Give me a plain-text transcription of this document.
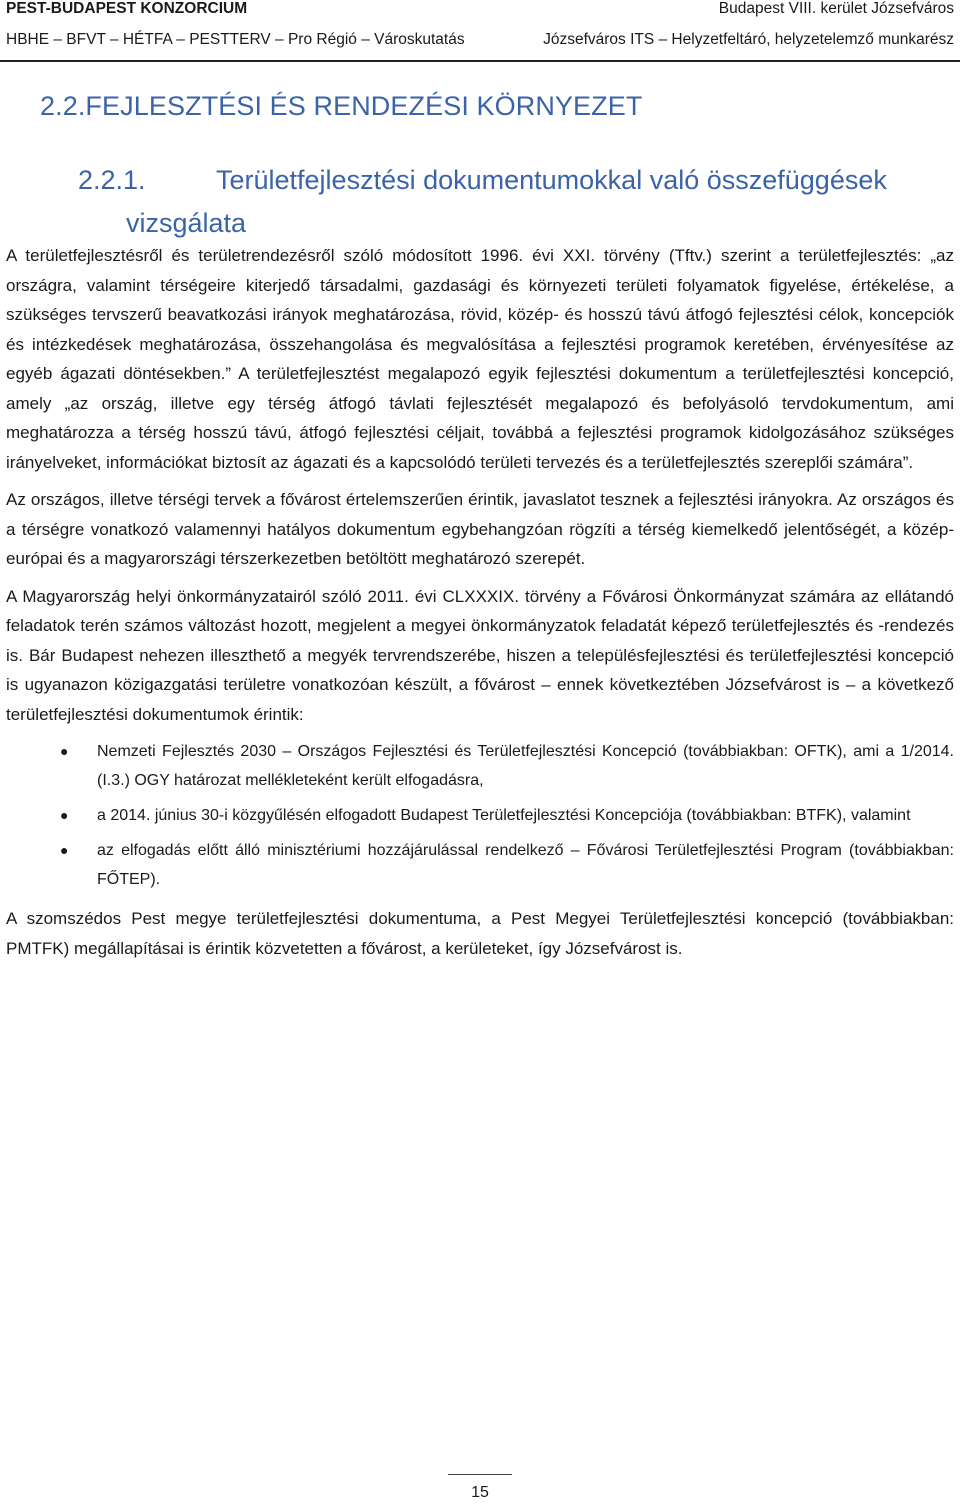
PEST-BUDAPEST KONZORCIUM	Budapest VIII. kerület Józsefváros
HBHE – BFVT – HÉTFA – PESTTERV – Pro Régió – Városkutatás	Józsefváros ITS – Helyzetfeltáró, helyzetelemző munkarész
2.2.FEJLESZTÉSI ÉS RENDEZÉSI KÖRNYEZET
2.2.1.	Területfejlesztési dokumentumokkal való összefüggések
vizsgálata

A területfejlesztésről és területrendezésről szóló módosított 1996. évi XXI. törvény (Tftv.) szerint a területfejlesztés: „az országra, valamint térségeire kiterjedő társadalmi, gazdasági és környezeti területi folyamatok figyelése, értékelése, a szükséges tervszerű beavatkozási irányok meghatározása, rövid, közép- és hosszú távú átfogó fejlesztési célok, koncepciók és intézkedések meghatározása, összehangolása és megvalósítása a fejlesztési programok keretében, érvényesítése az egyéb ágazati döntésekben.” A területfejlesztést megalapozó egyik fejlesztési dokumentum a területfejlesztési koncepció, amely „az ország, illetve egy térség átfogó távlati fejlesztését megalapozó és befolyásoló tervdokumentum, ami meghatározza a térség hosszú távú, átfogó fejlesztési céljait, továbbá a fejlesztési programok kidolgozásához szükséges irányelveket, információkat biztosít az ágazati és a kapcsolódó területi tervezés és a területfejlesztés szereplői számára”.

Az országos, illetve térségi tervek a fővárost értelemszerűen érintik, javaslatot tesznek a fejlesztési irányokra. Az országos és a térségre vonatkozó valamennyi hatályos dokumentum egybehangzóan rögzíti a térség kiemelkedő jelentőségét, a közép-európai és a magyarországi térszerkezetben betöltött meghatározó szerepét.

A Magyarország helyi önkormányzatairól szóló 2011. évi CLXXXIX. törvény a Fővárosi Önkormányzat számára az ellátandó feladatok terén számos változást hozott, megjelent a megyei önkormányzatok feladatát képező területfejlesztés és -rendezés is. Bár Budapest nehezen illeszthető a megyék tervrendszerébe, hiszen a településfejlesztési és területfejlesztési koncepció is ugyanazon közigazgatási területre vonatkozóan készült, a fővárost – ennek következtében Józsefvárost is – a következő területfejlesztési dokumentumok érintik:

● Nemzeti Fejlesztés 2030 – Országos Fejlesztési és Területfejlesztési Koncepció (továbbiakban: OFTK), ami a 1/2014. (I.3.) OGY határozat mellékleteként került elfogadásra,
● a 2014. június 30-i közgyűlésén elfogadott Budapest Területfejlesztési Koncepciója (továbbiakban: BTFK), valamint
● az elfogadás előtt álló minisztériumi hozzájárulással rendelkező – Fővárosi Területfejlesztési Program (továbbiakban: FŐTEP).

A szomszédos Pest megye területfejlesztési dokumentuma, a Pest Megyei Területfejlesztési koncepció (továbbiakban: PMTFK) megállapításai is érintik közvetetten a fővárost, a kerületeket, így Józsefvárost is.

15
